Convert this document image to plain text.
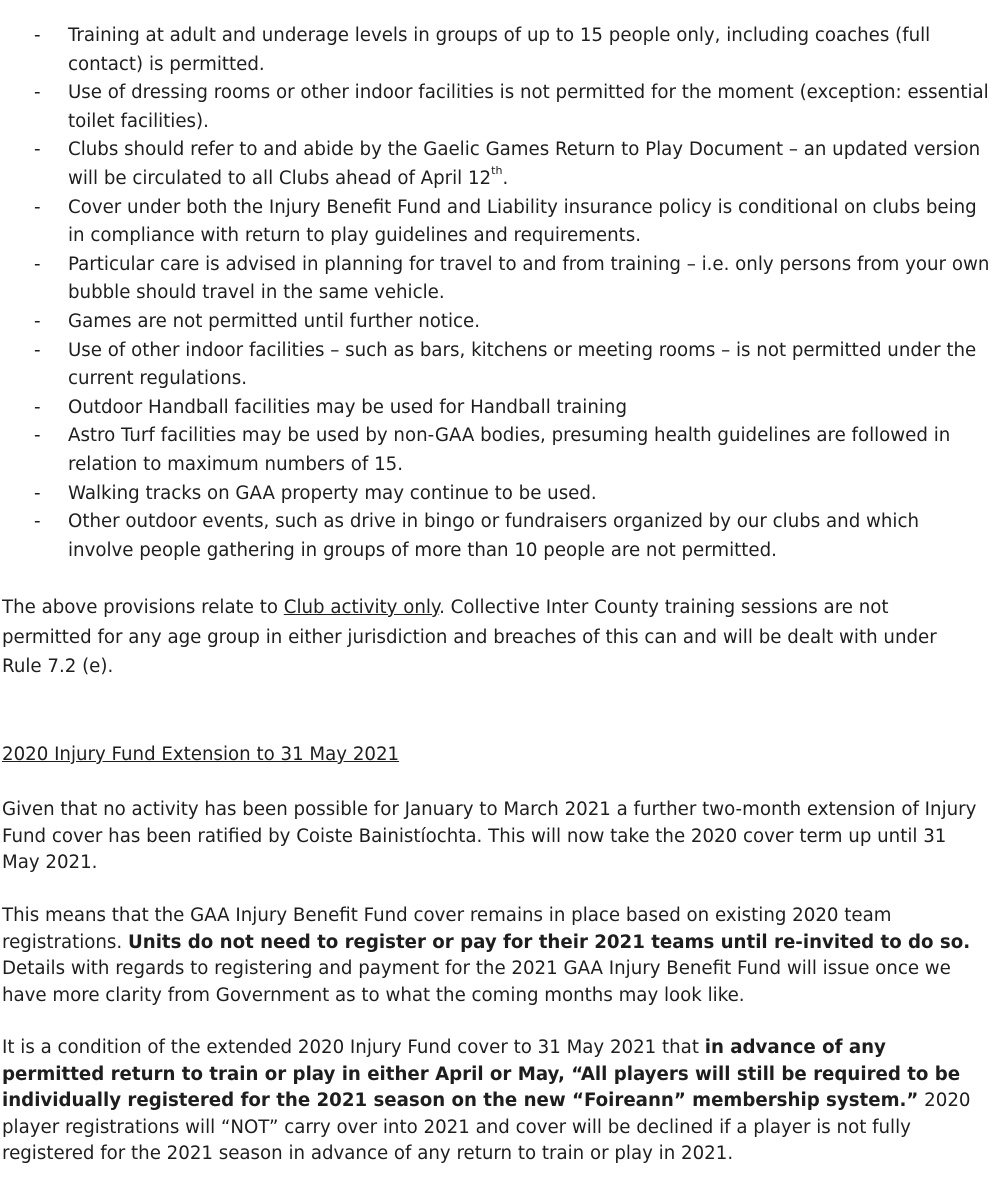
- Training at adult and underage levels in groups of up to 15 people only, including coaches (full contact) is permitted.
- Use of dressing rooms or other indoor facilities is not permitted for the moment (exception: essential toilet facilities).
- Clubs should refer to and abide by the Gaelic Games Return to Play Document – an updated version will be circulated to all Clubs ahead of April 12th.
- Cover under both the Injury Benefit Fund and Liability insurance policy is conditional on clubs being in compliance with return to play guidelines and requirements.
- Particular care is advised in planning for travel to and from training – i.e. only persons from your own bubble should travel in the same vehicle.
- Games are not permitted until further notice.
- Use of other indoor facilities – such as bars, kitchens or meeting rooms – is not permitted under the current regulations.
- Outdoor Handball facilities may be used for Handball training
- Astro Turf facilities may be used by non-GAA bodies, presuming health guidelines are followed in relation to maximum numbers of 15.
- Walking tracks on GAA property may continue to be used.
- Other outdoor events, such as drive in bingo or fundraisers organized by our clubs and which involve people gathering in groups of more than 10 people are not permitted.

The above provisions relate to Club activity only. Collective Inter County training sessions are not permitted for any age group in either jurisdiction and breaches of this can and will be dealt with under Rule 7.2 (e).

2020 Injury Fund Extension to 31 May 2021

Given that no activity has been possible for January to March 2021 a further two-month extension of Injury Fund cover has been ratified by Coiste Bainistíochta. This will now take the 2020 cover term up until 31 May 2021.

This means that the GAA Injury Benefit Fund cover remains in place based on existing 2020 team registrations. Units do not need to register or pay for their 2021 teams until re-invited to do so. Details with regards to registering and payment for the 2021 GAA Injury Benefit Fund will issue once we have more clarity from Government as to what the coming months may look like.

It is a condition of the extended 2020 Injury Fund cover to 31 May 2021 that in advance of any permitted return to train or play in either April or May, “All players will still be required to be individually registered for the 2021 season on the new “Foireann” membership system.” 2020 player registrations will “NOT” carry over into 2021 and cover will be declined if a player is not fully registered for the 2021 season in advance of any return to train or play in 2021.
